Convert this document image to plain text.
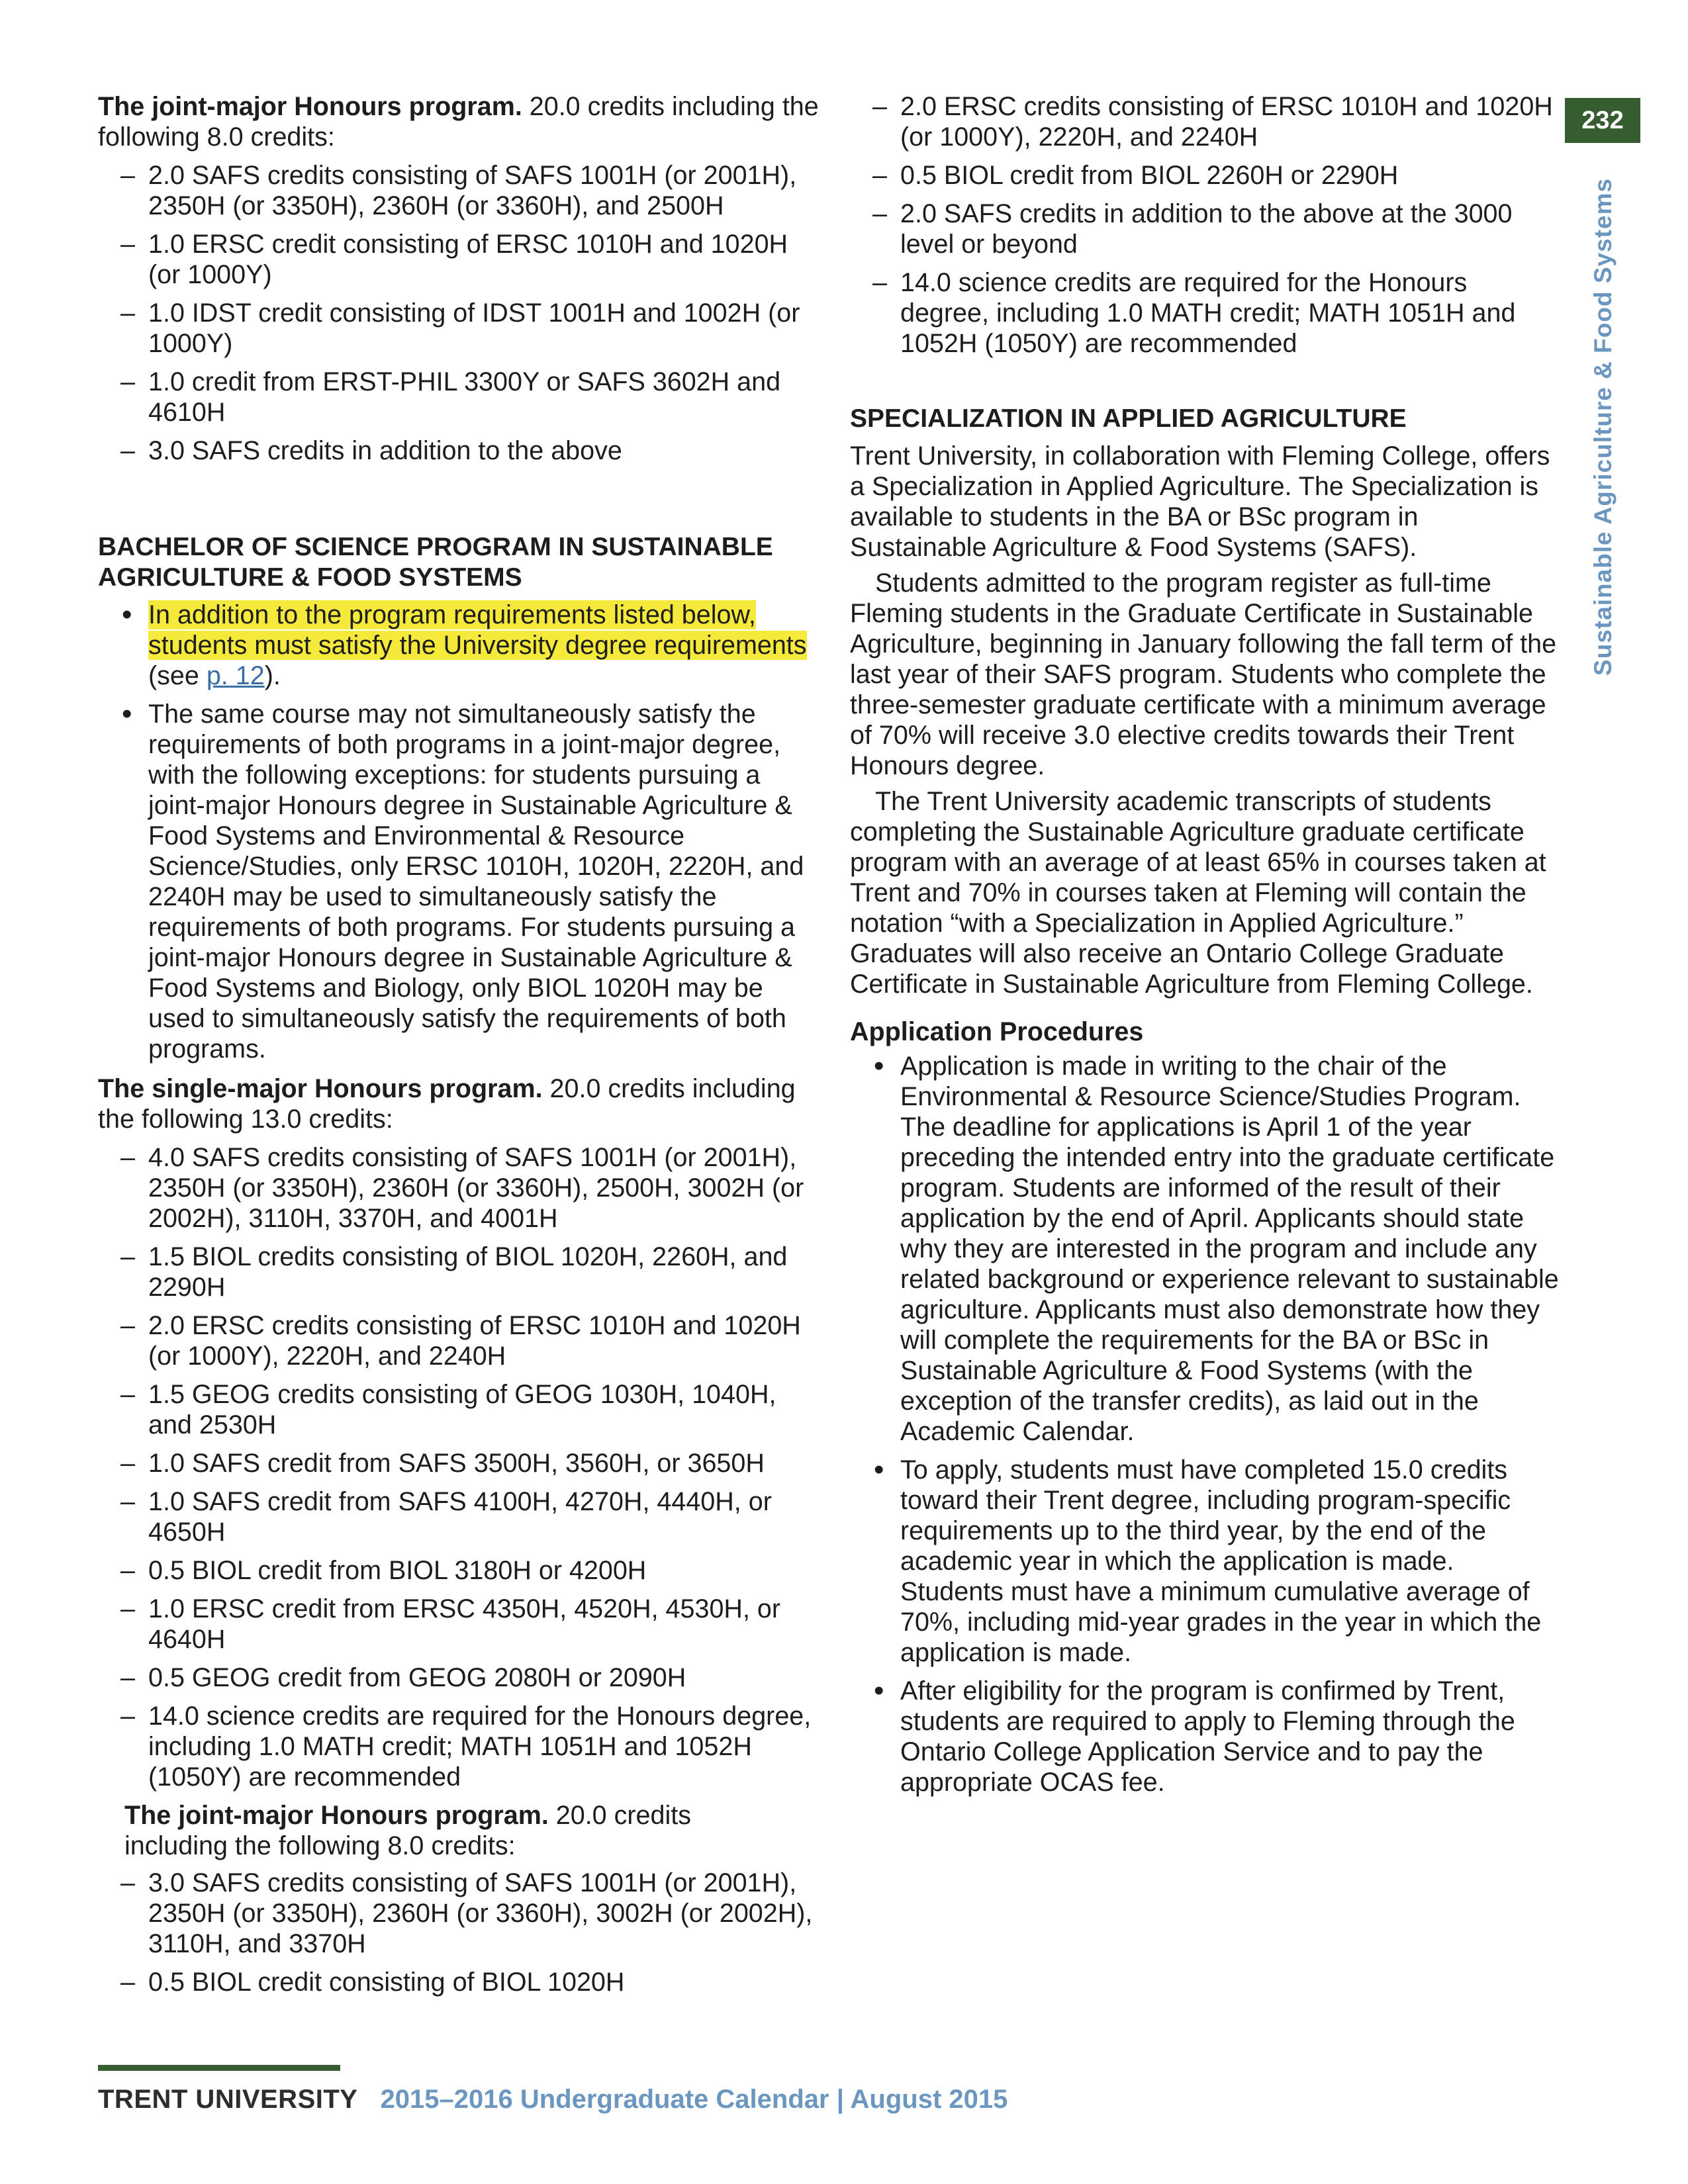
232
Sustainable Agriculture & Food Systems

The joint-major Honours program. 20.0 credits including the following 8.0 credits:

– 2.0 SAFS credits consisting of SAFS 1001H (or 2001H), 2350H (or 3350H), 2360H (or 3360H), and 2500H
– 1.0 ERSC credit consisting of ERSC 1010H and 1020H (or 1000Y)
– 1.0 IDST credit consisting of IDST 1001H and 1002H (or 1000Y)
– 1.0 credit from ERST-PHIL 3300Y or SAFS 3602H and 4610H
– 3.0 SAFS credits in addition to the above

BACHELOR OF SCIENCE PROGRAM IN SUSTAINABLE AGRICULTURE & FOOD SYSTEMS

• In addition to the program requirements listed below, students must satisfy the University degree requirements (see p. 12).
• The same course may not simultaneously satisfy the requirements of both programs in a joint-major degree, with the following exceptions: for students pursuing a joint-major Honours degree in Sustainable Agriculture & Food Systems and Environmental & Resource Science/Studies, only ERSC 1010H, 1020H, 2220H, and 2240H may be used to simultaneously satisfy the requirements of both programs. For students pursuing a joint-major Honours degree in Sustainable Agriculture & Food Systems and Biology, only BIOL 1020H may be used to simultaneously satisfy the requirements of both programs.

The single-major Honours program. 20.0 credits including the following 13.0 credits:

– 4.0 SAFS credits consisting of SAFS 1001H (or 2001H), 2350H (or 3350H), 2360H (or 3360H), 2500H, 3002H (or 2002H), 3110H, 3370H, and 4001H
– 1.5 BIOL credits consisting of BIOL 1020H, 2260H, and 2290H
– 2.0 ERSC credits consisting of ERSC 1010H and 1020H (or 1000Y), 2220H, and 2240H
– 1.5 GEOG credits consisting of GEOG 1030H, 1040H, and 2530H
– 1.0 SAFS credit from SAFS 3500H, 3560H, or 3650H
– 1.0 SAFS credit from SAFS 4100H, 4270H, 4440H, or 4650H
– 0.5 BIOL credit from BIOL 3180H or 4200H
– 1.0 ERSC credit from ERSC 4350H, 4520H, 4530H, or 4640H
– 0.5 GEOG credit from GEOG 2080H or 2090H
– 14.0 science credits are required for the Honours degree, including 1.0 MATH credit; MATH 1051H and 1052H (1050Y) are recommended

The joint-major Honours program. 20.0 credits including the following 8.0 credits:

– 3.0 SAFS credits consisting of SAFS 1001H (or 2001H), 2350H (or 3350H), 2360H (or 3360H), 3002H (or 2002H), 3110H, and 3370H
– 0.5 BIOL credit consisting of BIOL 1020H
– 2.0 ERSC credits consisting of ERSC 1010H and 1020H (or 1000Y), 2220H, and 2240H
– 0.5 BIOL credit from BIOL 2260H or 2290H
– 2.0 SAFS credits in addition to the above at the 3000 level or beyond
– 14.0 science credits are required for the Honours degree, including 1.0 MATH credit; MATH 1051H and 1052H (1050Y) are recommended

SPECIALIZATION IN APPLIED AGRICULTURE

Trent University, in collaboration with Fleming College, offers a Specialization in Applied Agriculture. The Specialization is available to students in the BA or BSc program in Sustainable Agriculture & Food Systems (SAFS).

Students admitted to the program register as full-time Fleming students in the Graduate Certificate in Sustainable Agriculture, beginning in January following the fall term of the last year of their SAFS program. Students who complete the three-semester graduate certificate with a minimum average of 70% will receive 3.0 elective credits towards their Trent Honours degree.

The Trent University academic transcripts of students completing the Sustainable Agriculture graduate certificate program with an average of at least 65% in courses taken at Trent and 70% in courses taken at Fleming will contain the notation “with a Specialization in Applied Agriculture.” Graduates will also receive an Ontario College Graduate Certificate in Sustainable Agriculture from Fleming College.

Application Procedures

• Application is made in writing to the chair of the Environmental & Resource Science/Studies Program. The deadline for applications is April 1 of the year preceding the intended entry into the graduate certificate program. Students are informed of the result of their application by the end of April. Applicants should state why they are interested in the program and include any related background or experience relevant to sustainable agriculture. Applicants must also demonstrate how they will complete the requirements for the BA or BSc in Sustainable Agriculture & Food Systems (with the exception of the transfer credits), as laid out in the Academic Calendar.
• To apply, students must have completed 15.0 credits toward their Trent degree, including program-specific requirements up to the third year, by the end of the academic year in which the application is made. Students must have a minimum cumulative average of 70%, including mid-year grades in the year in which the application is made.
• After eligibility for the program is confirmed by Trent, students are required to apply to Fleming through the Ontario College Application Service and to pay the appropriate OCAS fee.
TRENT UNIVERSITY 2015–2016 Undergraduate Calendar | August 2015
